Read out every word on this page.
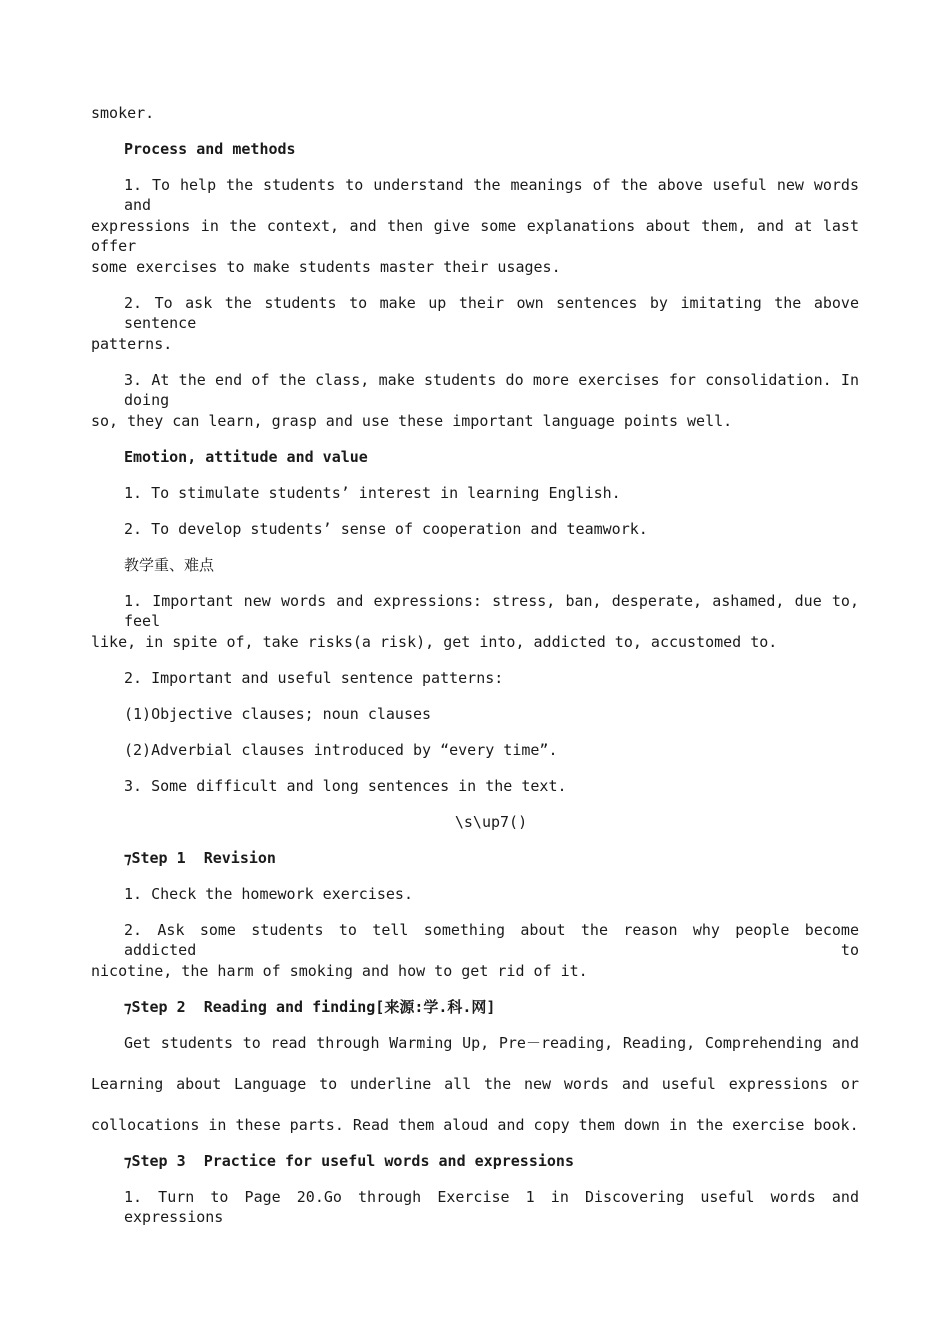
smoker.
Process and methods
1. To help the students to understand the meanings of the above useful new words and
expressions in the context, and then give some explanations about them, and at last offer
some exercises to make students master their usages.
2. To ask the students to make up their own sentences by imitating the above sentence
patterns.
3. At the end of the class, make students do more exercises for consolidation. In doing
so, they can learn, grasp and use these important language points well.
Emotion, attitude and value
1. To stimulate students’ interest in learning English.
2. To develop students’ sense of cooperation and teamwork.
教学重、难点
1. Important new words and expressions: stress, ban, desperate, ashamed, due to, feel
like, in spite of, take risks(a risk), get into, addicted to, accustomed to.
2. Important and useful sentence patterns:
(1)Objective clauses; noun clauses
(2)Adverbial clauses introduced by “every time”.
3. Some difficult and long sentences in the text.
\s\up7()
⁊Step 1  Revision
1. Check the homework exercises.
2. Ask some students to tell something about the reason why people become addicted to
nicotine, the harm of smoking and how to get rid of it.
⁊Step 2  Reading and finding[来源:学.科.网]
Get students to read through Warming Up, Pre－reading, Reading, Comprehending and
Learning about Language to underline all the new words and useful expressions or
collocations in these parts. Read them aloud and copy them down in the exercise book.
⁊Step 3  Practice for useful words and expressions
1. Turn to Page 20.Go through Exercise 1 in Discovering useful words and expressions
